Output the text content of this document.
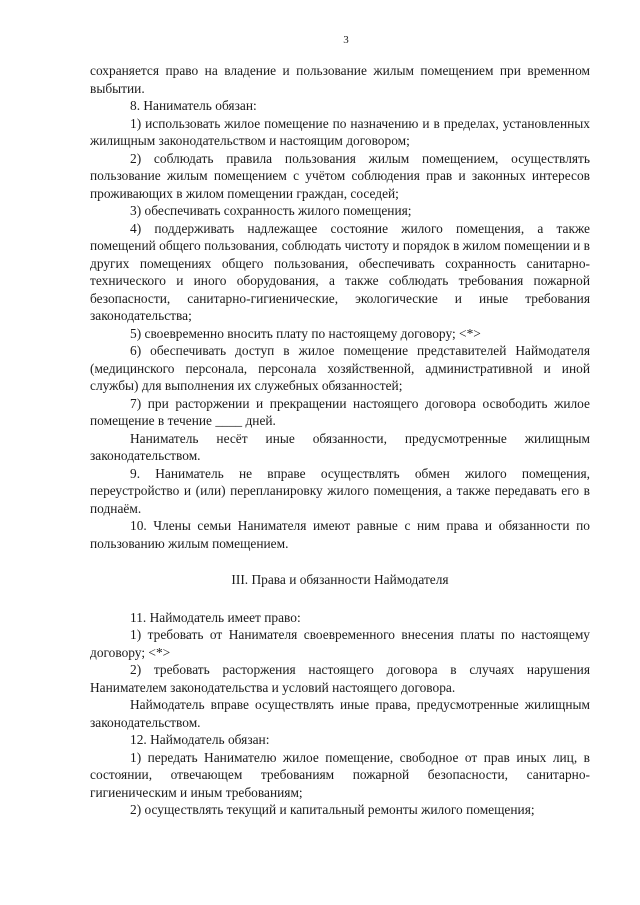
3

сохраняется право на владение и пользование жилым помещением при временном выбытии.

8. Наниматель обязан:

1) использовать жилое помещение по назначению и в пределах, установленных жилищным законодательством и настоящим договором;

2) соблюдать правила пользования жилым помещением, осуществлять пользование жилым помещением с учётом соблюдения прав и законных интересов проживающих в жилом помещении граждан, соседей;

3) обеспечивать сохранность жилого помещения;

4) поддерживать надлежащее состояние жилого помещения, а также помещений общего пользования, соблюдать чистоту и порядок в жилом помещении и в других помещениях общего пользования, обеспечивать сохранность санитарно-технического и иного оборудования, а также соблюдать требования пожарной безопасности, санитарно-гигиенические, экологические и иные требования законодательства;

5) своевременно вносить плату по настоящему договору; <*>

6) обеспечивать доступ в жилое помещение представителей Наймодателя (медицинского персонала, персонала хозяйственной, административной и иной службы) для выполнения их служебных обязанностей;

7) при расторжении и прекращении настоящего договора освободить жилое помещение в течение ____ дней.

Наниматель несёт иные обязанности, предусмотренные жилищным законодательством.

9. Наниматель не вправе осуществлять обмен жилого помещения, переустройство и (или) перепланировку жилого помещения, а также передавать его в поднаём.

10. Члены семьи Нанимателя имеют равные с ним права и обязанности по пользованию жилым помещением.

III. Права и обязанности Наймодателя

11. Наймодатель имеет право:

1) требовать от Нанимателя своевременного внесения платы по настоящему договору; <*>

2) требовать расторжения настоящего договора в случаях нарушения Нанимателем законодательства и условий настоящего договора.

Наймодатель вправе осуществлять иные права, предусмотренные жилищным законодательством.

12. Наймодатель обязан:

1) передать Нанимателю жилое помещение, свободное от прав иных лиц, в состоянии, отвечающем требованиям пожарной безопасности, санитарно-гигиеническим и иным требованиям;

2) осуществлять текущий и капитальный ремонты жилого помещения;
